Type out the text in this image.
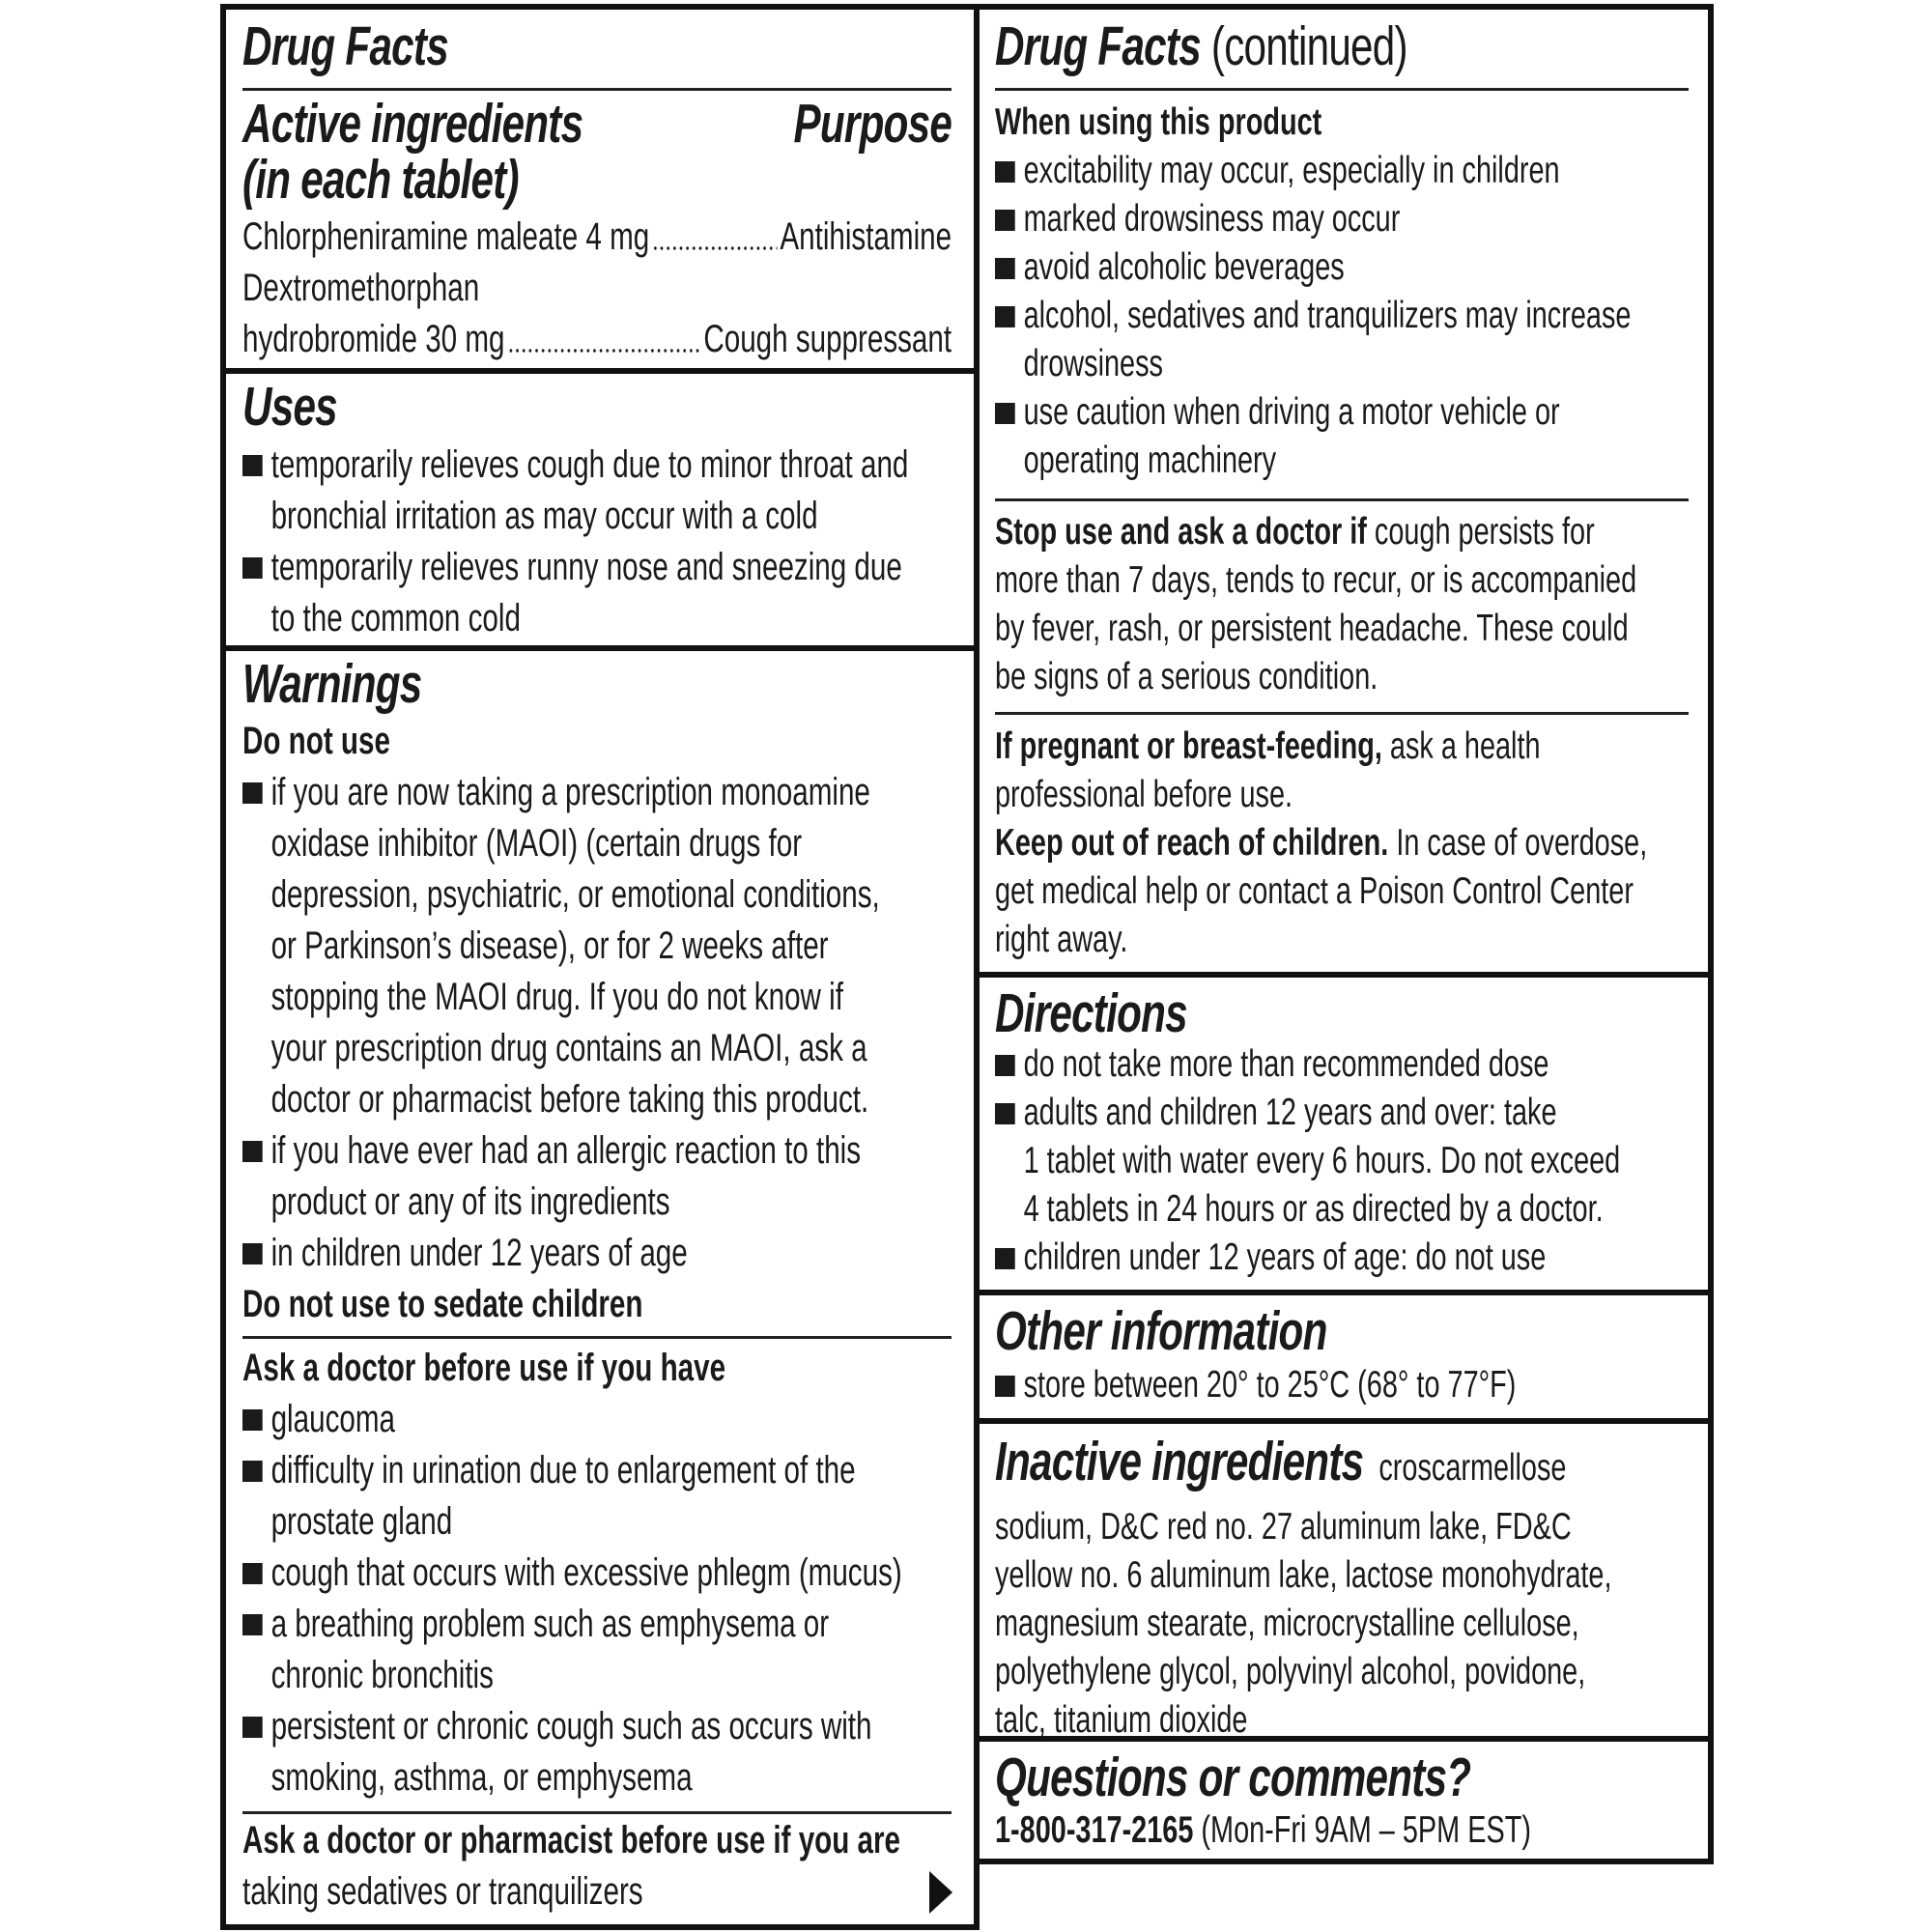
Drug Facts
Active ingredients	Purpose
(in each tablet)
Chlorpheniramine maleate 4 mg	Antihistamine
Dextromethorphan
hydrobromide 30 mg	Cough suppressant
Uses
temporarily relieves cough due to minor throat and
bronchial irritation as may occur with a cold
temporarily relieves runny nose and sneezing due
to the common cold
Warnings
Do not use
if you are now taking a prescription monoamine
oxidase inhibitor (MAOI) (certain drugs for
depression, psychiatric, or emotional conditions,
or Parkinson’s disease), or for 2 weeks after
stopping the MAOI drug. If you do not know if
your prescription drug contains an MAOI, ask a
doctor or pharmacist before taking this product.
if you have ever had an allergic reaction to this
product or any of its ingredients
in children under 12 years of age
Do not use to sedate children
Ask a doctor before use if you have
glaucoma
difficulty in urination due to enlargement of the
prostate gland
cough that occurs with excessive phlegm (mucus)
a breathing problem such as emphysema or
chronic bronchitis
persistent or chronic cough such as occurs with
smoking, asthma, or emphysema
Ask a doctor or pharmacist before use if you are
taking sedatives or tranquilizers
Drug Facts (continued)
When using this product
excitability may occur, especially in children
marked drowsiness may occur
avoid alcoholic beverages
alcohol, sedatives and tranquilizers may increase
drowsiness
use caution when driving a motor vehicle or
operating machinery
Stop use and ask a doctor if cough persists for
more than 7 days, tends to recur, or is accompanied
by fever, rash, or persistent headache. These could
be signs of a serious condition.
If pregnant or breast-feeding, ask a health
professional before use.
Keep out of reach of children. In case of overdose,
get medical help or contact a Poison Control Center
right away.
Directions
do not take more than recommended dose
adults and children 12 years and over: take
1 tablet with water every 6 hours. Do not exceed
4 tablets in 24 hours or as directed by a doctor.
children under 12 years of age: do not use
Other information
store between 20° to 25°C (68° to 77°F)
Inactive ingredients  croscarmellose
sodium, D&C red no. 27 aluminum lake, FD&C
yellow no. 6 aluminum lake, lactose monohydrate,
magnesium stearate, microcrystalline cellulose,
polyethylene glycol, polyvinyl alcohol, povidone,
talc, titanium dioxide
Questions or comments?
1-800-317-2165 (Mon-Fri 9AM – 5PM EST)
